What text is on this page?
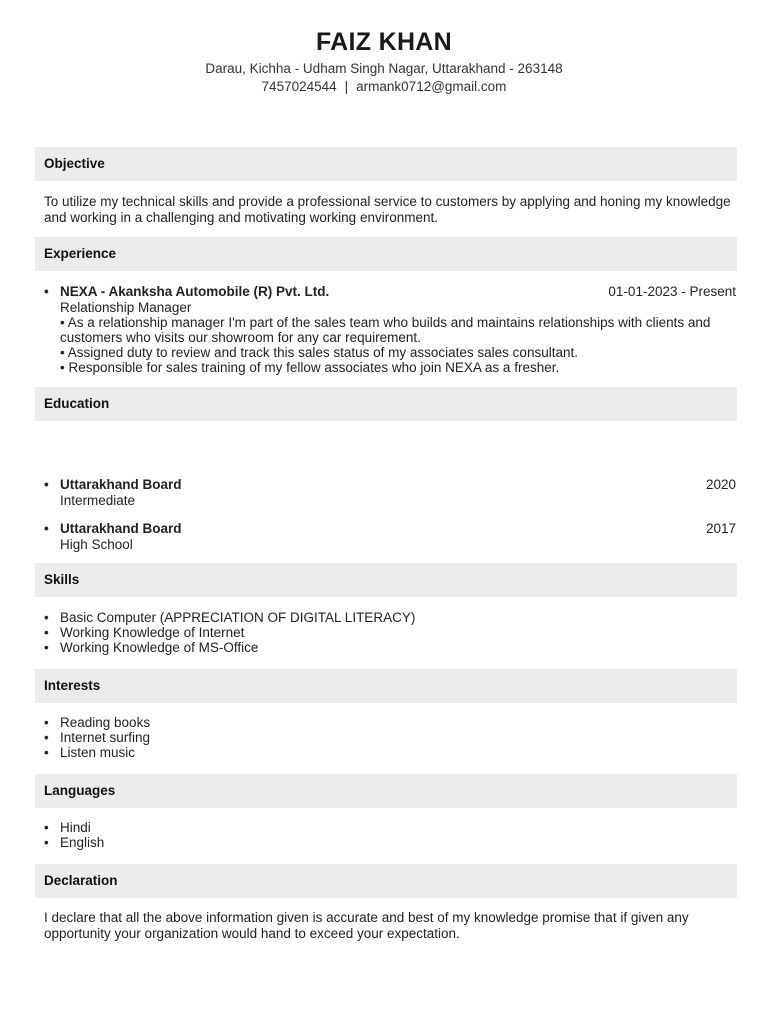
FAIZ KHAN
Darau, Kichha - Udham Singh Nagar, Uttarakhand - 263148
7457024544 | armank0712@gmail.com
Objective
To utilize my technical skills and provide a professional service to customers by applying and honing my knowledge and working in a challenging and motivating working environment.
Experience
• NEXA - Akanksha Automobile (R) Pvt. Ltd.	01-01-2023 - Present
Relationship Manager
• As a relationship manager I'm part of the sales team who builds and maintains relationships with clients and customers who visits our showroom for any car requirement.
• Assigned duty to review and track this sales status of my associates sales consultant.
• Responsible for sales training of my fellow associates who join NEXA as a fresher.
Education
• Uttarakhand Board	2020
Intermediate
• Uttarakhand Board	2017
High School
Skills
• Basic Computer (APPRECIATION OF DIGITAL LITERACY)
• Working Knowledge of Internet
• Working Knowledge of MS-Office
Interests
• Reading books
• Internet surfing
• Listen music
Languages
• Hindi
• English
Declaration
I declare that all the above information given is accurate and best of my knowledge promise that if given any opportunity your organization would hand to exceed your expectation.
